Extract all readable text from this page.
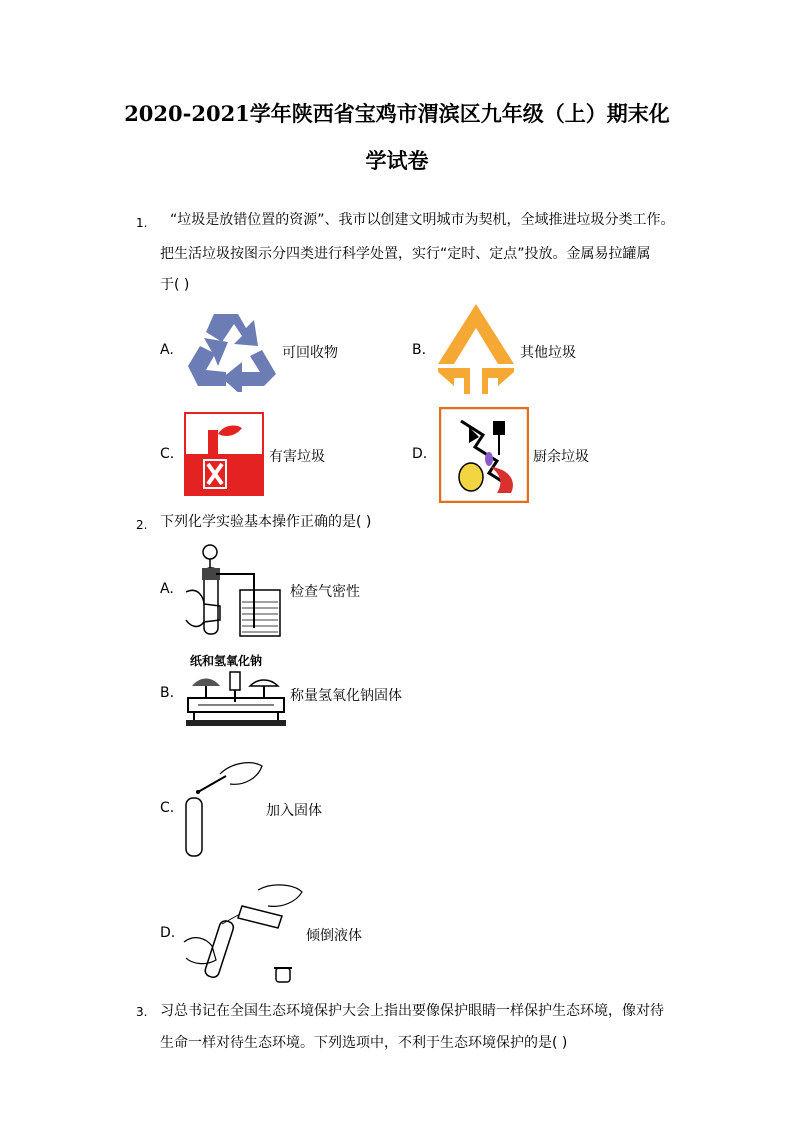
2020-2021学年陕西省宝鸡市渭滨区九年级（上）期末化
学试卷
1. “垃圾是放错位置的资源”、我市以创建文明城市为契机，全域推进垃圾分类工作。
把生活垃圾按图示分四类进行科学处置，实行“定时、定点”投放。金属易拉罐属
于( )
A.	可回收物	B.	其他垃圾
C.	有害垃圾	D.	厨余垃圾
2. 下列化学实验基本操作正确的是( )
A.	检查气密性
B.
纸和氢氧化钠
称量氢氧化钠固体
C.	加入固体
D.	倾倒液体
3. 习总书记在全国生态环境保护大会上指出要像保护眼睛一样保护生态环境，像对待
生命一样对待生态环境。下列选项中，不利于生态环境保护的是( )
